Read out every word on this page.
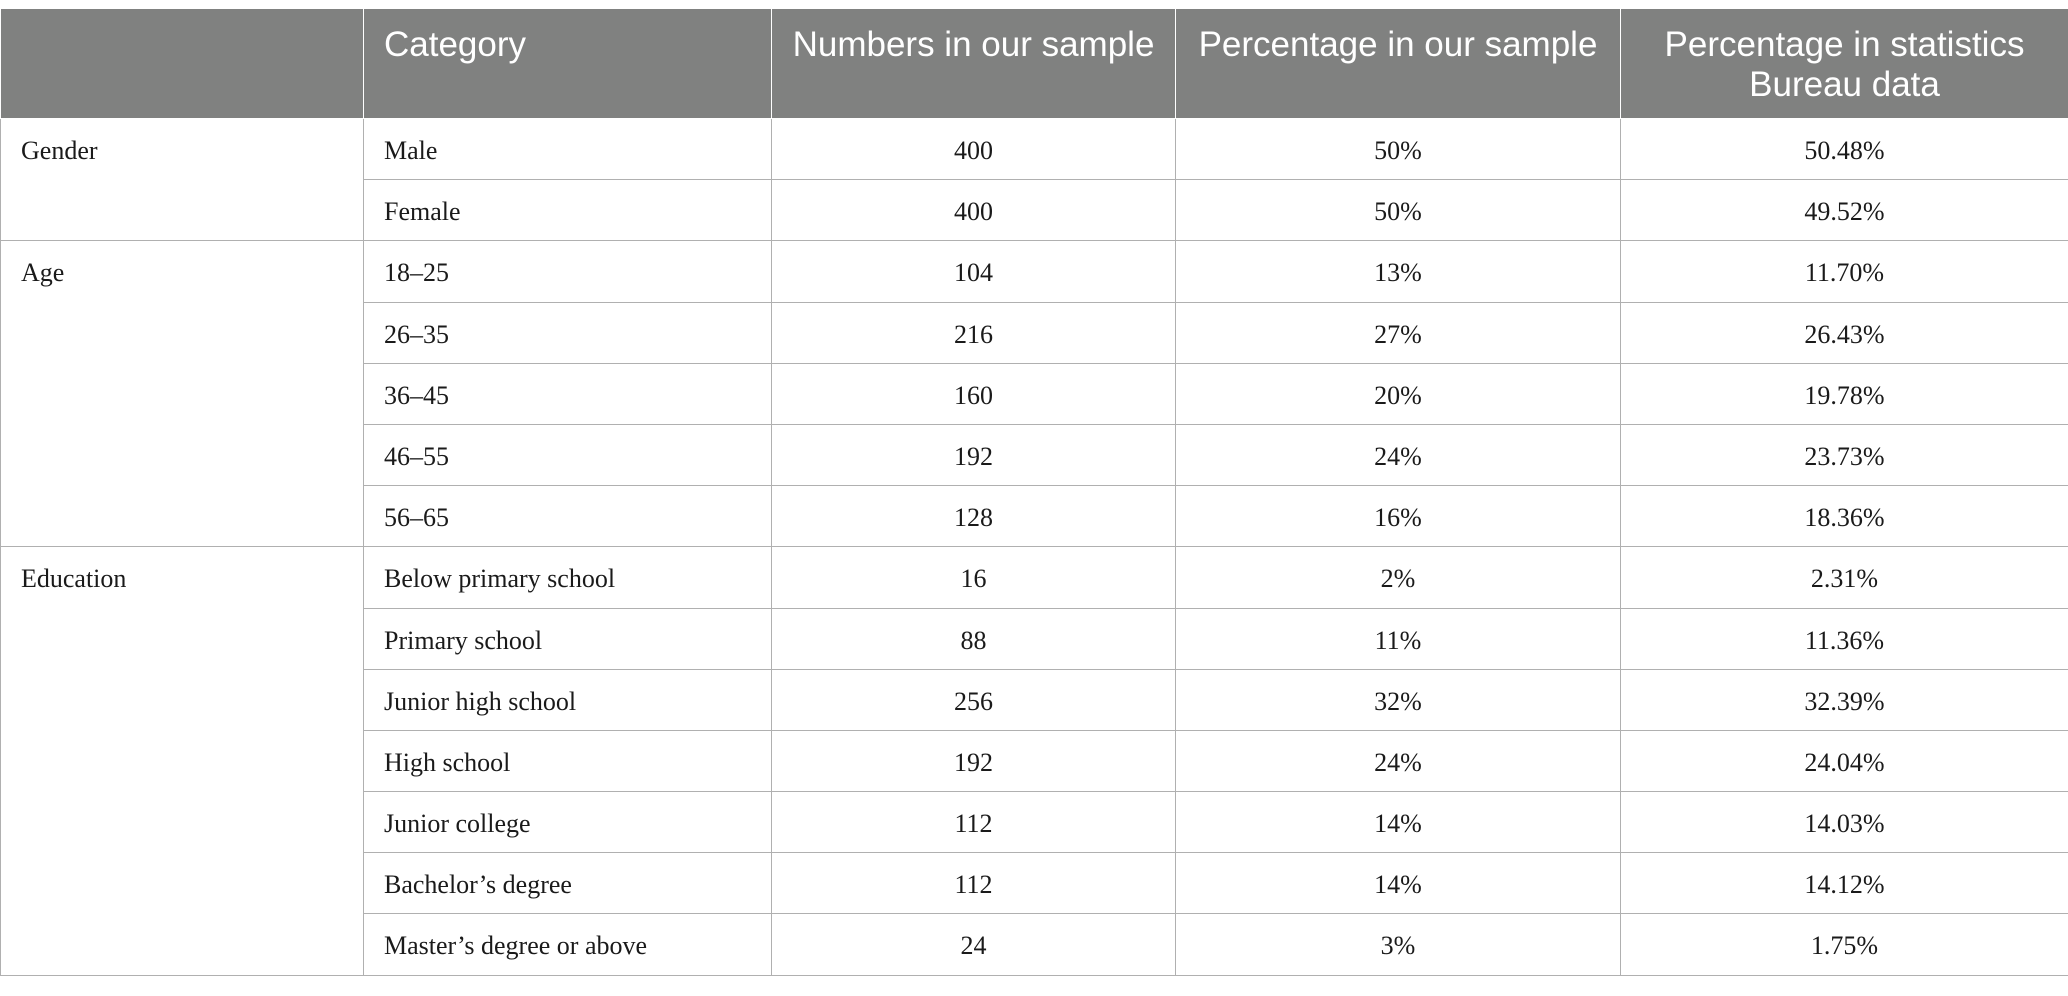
	Category	Numbers in our sample	Percentage in our sample	Percentage in statistics Bureau data
Gender	Male	400	50%	50.48%
	Female	400	50%	49.52%
Age	18–25	104	13%	11.70%
	26–35	216	27%	26.43%
	36–45	160	20%	19.78%
	46–55	192	24%	23.73%
	56–65	128	16%	18.36%
Education	Below primary school	16	2%	2.31%
	Primary school	88	11%	11.36%
	Junior high school	256	32%	32.39%
	High school	192	24%	24.04%
	Junior college	112	14%	14.03%
	Bachelor’s degree	112	14%	14.12%
	Master’s degree or above	24	3%	1.75%
